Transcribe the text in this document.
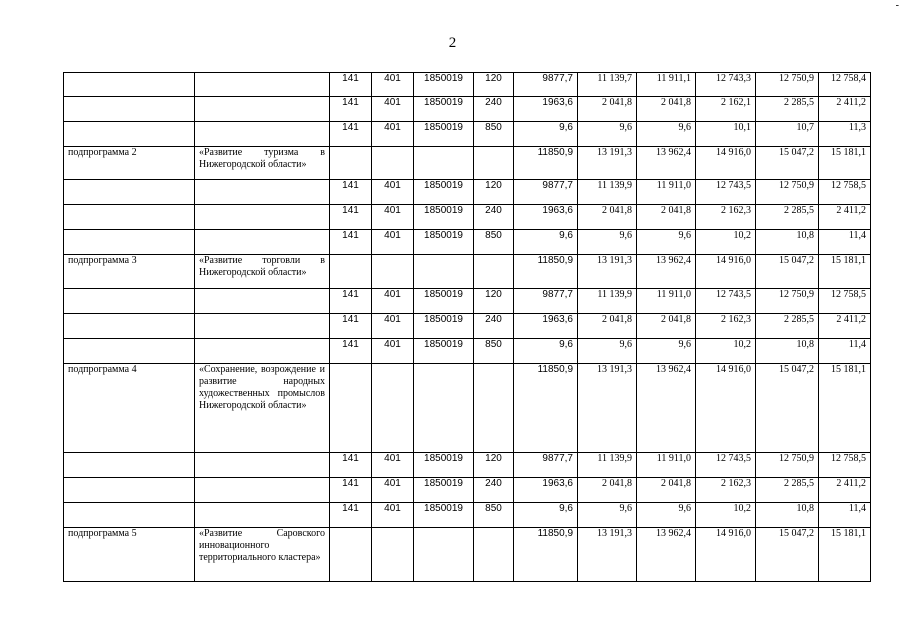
2
-
		141	401	1850019	120	9877,7	11 139,7	11 911,1	12 743,3	12 750,9	12 758,4
		141	401	1850019	240	1963,6	2 041,8	2 041,8	2 162,1	2 285,5	2 411,2
		141	401	1850019	850	9,6	9,6	9,6	10,1	10,7	11,3
подпрограмма 2	«Развитие туризма в Нижегородской области»					11850,9	13 191,3	13 962,4	14 916,0	15 047,2	15 181,1
		141	401	1850019	120	9877,7	11 139,9	11 911,0	12 743,5	12 750,9	12 758,5
		141	401	1850019	240	1963,6	2 041,8	2 041,8	2 162,3	2 285,5	2 411,2
		141	401	1850019	850	9,6	9,6	9,6	10,2	10,8	11,4
подпрограмма 3	«Развитие торговли в Нижегородской области»					11850,9	13 191,3	13 962,4	14 916,0	15 047,2	15 181,1
		141	401	1850019	120	9877,7	11 139,9	11 911,0	12 743,5	12 750,9	12 758,5
		141	401	1850019	240	1963,6	2 041,8	2 041,8	2 162,3	2 285,5	2 411,2
		141	401	1850019	850	9,6	9,6	9,6	10,2	10,8	11,4
подпрограмма 4	«Сохранение, возрождение и развитие народных художественных промыслов Нижегородской области»					11850,9	13 191,3	13 962,4	14 916,0	15 047,2	15 181,1
		141	401	1850019	120	9877,7	11 139,9	11 911,0	12 743,5	12 750,9	12 758,5
		141	401	1850019	240	1963,6	2 041,8	2 041,8	2 162,3	2 285,5	2 411,2
		141	401	1850019	850	9,6	9,6	9,6	10,2	10,8	11,4
подпрограмма 5	«Развитие Саровского инновационного территориального кластера»					11850,9	13 191,3	13 962,4	14 916,0	15 047,2	15 181,1
